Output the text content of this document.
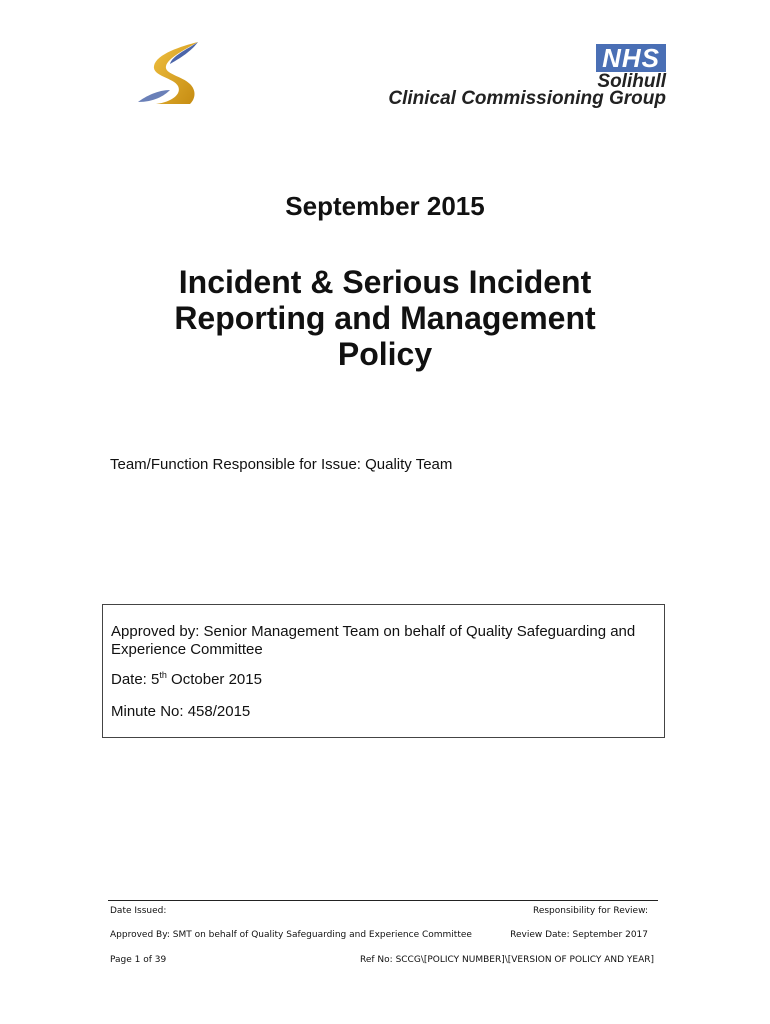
NHS
Solihull
Clinical Commissioning Group
September 2015
Incident & Serious Incident
Reporting and Management
Policy
Team/Function Responsible for Issue: Quality Team

Approved by: Senior Management Team on behalf of Quality Safeguarding and

Experience Committee

Date: 5th October 2015

Minute No: 458/2015

Date Issued:	Responsibility for Review:
Approved By: SMT on behalf of Quality Safeguarding and Experience Committee	Review Date: September 2017
Page 1 of 39	Ref No: SCCG\[POLICY NUMBER]\[VERSION OF POLICY AND YEAR]
